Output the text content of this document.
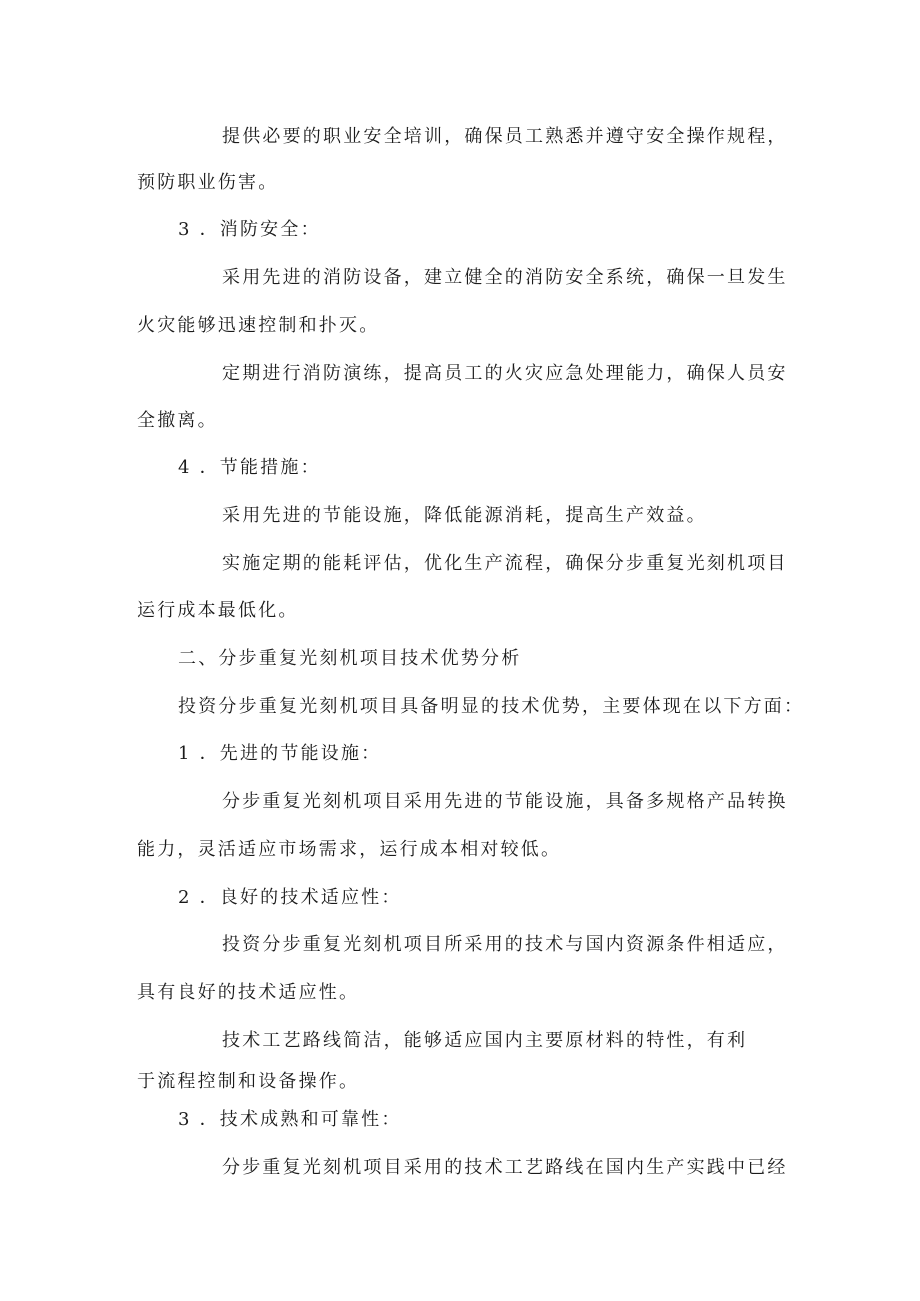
提供必要的职业安全培训，确保员工熟悉并遵守安全操作规程，
预防职业伤害。
3 ．消防安全：
采用先进的消防设备，建立健全的消防安全系统，确保一旦发生
火灾能够迅速控制和扑灭。
定期进行消防演练，提高员工的火灾应急处理能力，确保人员安
全撤离。
4 ．节能措施：
采用先进的节能设施，降低能源消耗，提高生产效益。
实施定期的能耗评估，优化生产流程，确保分步重复光刻机项目
运行成本最低化。
二、分步重复光刻机项目技术优势分析
投资分步重复光刻机项目具备明显的技术优势，主要体现在以下方面：
1 ．先进的节能设施：
分步重复光刻机项目采用先进的节能设施，具备多规格产品转换
能力，灵活适应市场需求，运行成本相对较低。
2 ．良好的技术适应性：
投资分步重复光刻机项目所采用的技术与国内资源条件相适应，
具有良好的技术适应性。
技术工艺路线简洁，能够适应国内主要原材料的特性，有利
于流程控制和设备操作。
3 ．技术成熟和可靠性：
分步重复光刻机项目采用的技术工艺路线在国内生产实践中已经
